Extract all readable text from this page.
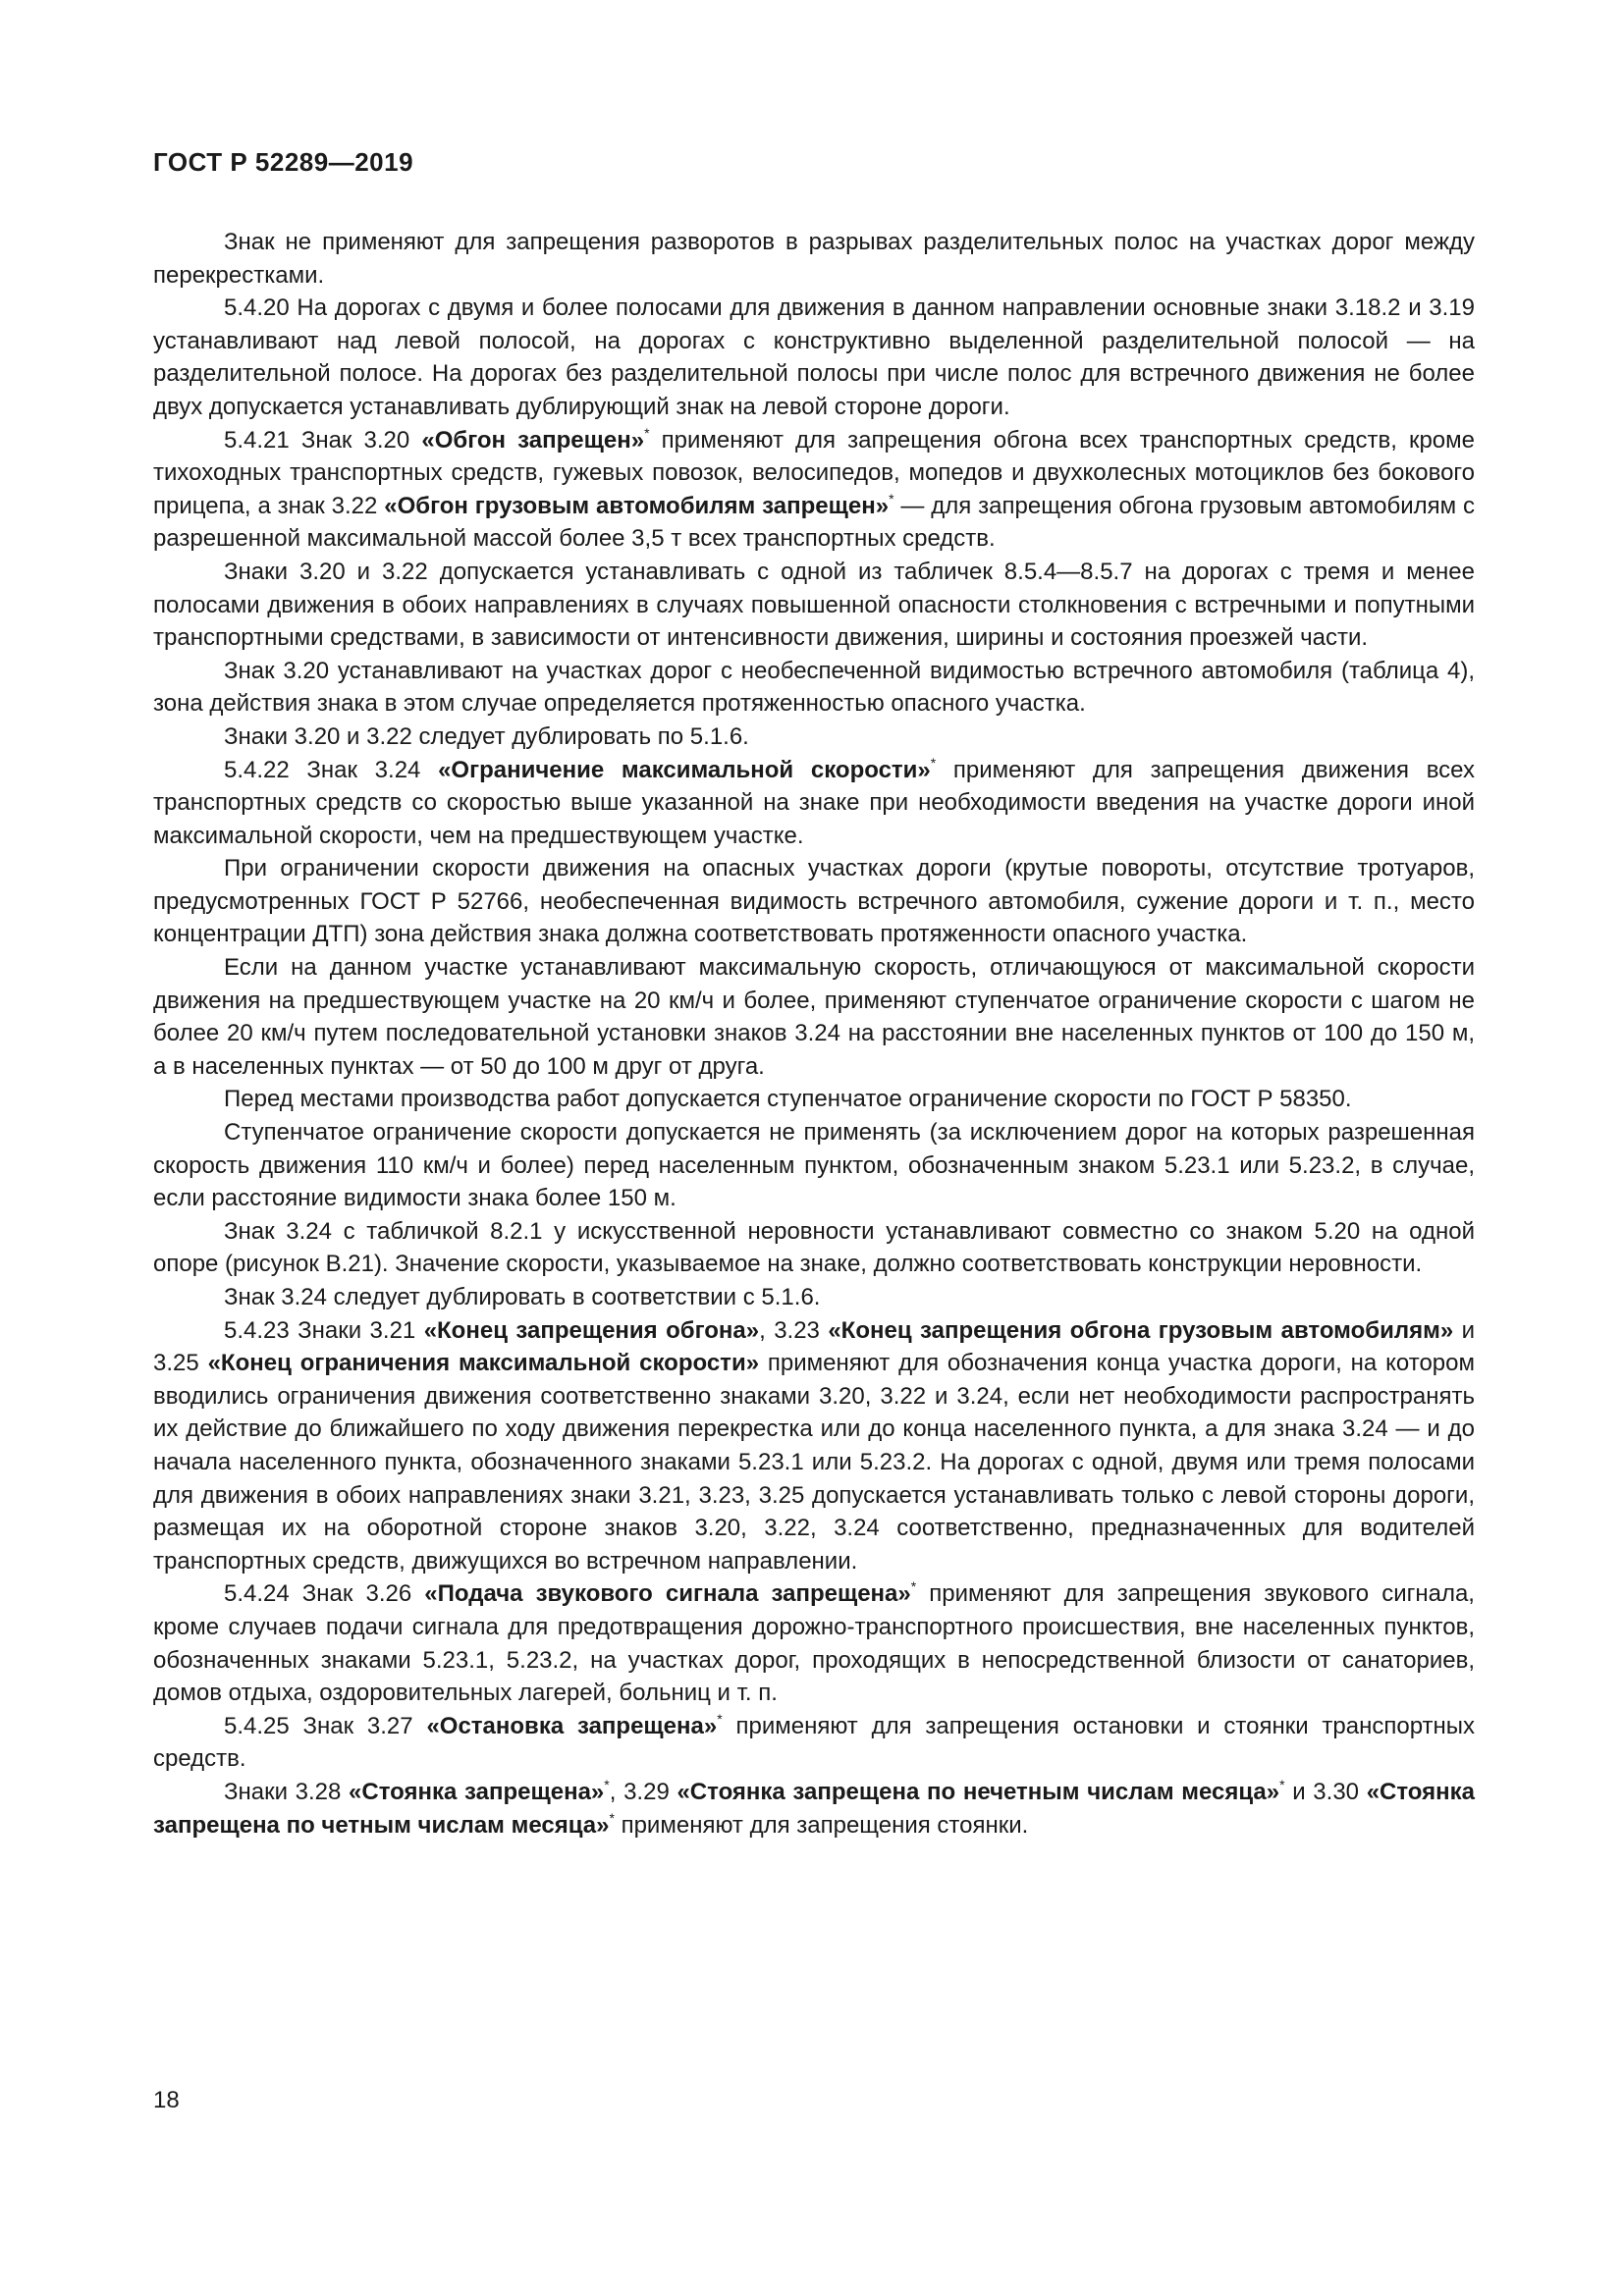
ГОСТ Р 52289—2019

Знак не применяют для запрещения разворотов в разрывах разделительных полос на участках дорог между перекрестками.

5.4.20 На дорогах с двумя и более полосами для движения в данном направлении основные знаки 3.18.2 и 3.19 устанавливают над левой полосой, на дорогах с конструктивно выделенной разделительной полосой — на разделительной полосе. На дорогах без разделительной полосы при числе полос для встречного движения не более двух допускается устанавливать дублирующий знак на левой стороне дороги.

5.4.21 Знак 3.20 «Обгон запрещен»* применяют для запрещения обгона всех транспортных средств, кроме тихоходных транспортных средств, гужевых повозок, велосипедов, мопедов и двухколесных мотоциклов без бокового прицепа, а знак 3.22 «Обгон грузовым автомобилям запрещен»* — для запрещения обгона грузовым автомобилям с разрешенной максимальной массой более 3,5 т всех транспортных средств.

Знаки 3.20 и 3.22 допускается устанавливать с одной из табличек 8.5.4—8.5.7 на дорогах с тремя и менее полосами движения в обоих направлениях в случаях повышенной опасности столкновения с встречными и попутными транспортными средствами, в зависимости от интенсивности движения, ширины и состояния проезжей части.

Знак 3.20 устанавливают на участках дорог с необеспеченной видимостью встречного автомобиля (таблица 4), зона действия знака в этом случае определяется протяженностью опасного участка.

Знаки 3.20 и 3.22 следует дублировать по 5.1.6.

5.4.22 Знак 3.24 «Ограничение максимальной скорости»* применяют для запрещения движения всех транспортных средств со скоростью выше указанной на знаке при необходимости введения на участке дороги иной максимальной скорости, чем на предшествующем участке.

При ограничении скорости движения на опасных участках дороги (крутые повороты, отсутствие тротуаров, предусмотренных ГОСТ Р 52766, необеспеченная видимость встречного автомобиля, сужение дороги и т. п., место концентрации ДТП) зона действия знака должна соответствовать протяженности опасного участка.

Если на данном участке устанавливают максимальную скорость, отличающуюся от максимальной скорости движения на предшествующем участке на 20 км/ч и более, применяют ступенчатое ограничение скорости с шагом не более 20 км/ч путем последовательной установки знаков 3.24 на расстоянии вне населенных пунктов от 100 до 150 м, а в населенных пунктах — от 50 до 100 м друг от друга.

Перед местами производства работ допускается ступенчатое ограничение скорости по ГОСТ Р 58350.

Ступенчатое ограничение скорости допускается не применять (за исключением дорог на которых разрешенная скорость движения 110 км/ч и более) перед населенным пунктом, обозначенным знаком 5.23.1 или 5.23.2, в случае, если расстояние видимости знака более 150 м.

Знак 3.24 с табличкой 8.2.1 у искусственной неровности устанавливают совместно со знаком 5.20 на одной опоре (рисунок В.21). Значение скорости, указываемое на знаке, должно соответствовать конструкции неровности.

Знак 3.24 следует дублировать в соответствии с 5.1.6.

5.4.23 Знаки 3.21 «Конец запрещения обгона», 3.23 «Конец запрещения обгона грузовым автомобилям» и 3.25 «Конец ограничения максимальной скорости» применяют для обозначения конца участка дороги, на котором вводились ограничения движения соответственно знаками 3.20, 3.22 и 3.24, если нет необходимости распространять их действие до ближайшего по ходу движения перекрестка или до конца населенного пункта, а для знака 3.24 — и до начала населенного пункта, обозначенного знаками 5.23.1 или 5.23.2. На дорогах с одной, двумя или тремя полосами для движения в обоих направлениях знаки 3.21, 3.23, 3.25 допускается устанавливать только с левой стороны дороги, размещая их на оборотной стороне знаков 3.20, 3.22, 3.24 соответственно, предназначенных для водителей транспортных средств, движущихся во встречном направлении.

5.4.24 Знак 3.26 «Подача звукового сигнала запрещена»* применяют для запрещения звукового сигнала, кроме случаев подачи сигнала для предотвращения дорожно-транспортного происшествия, вне населенных пунктов, обозначенных знаками 5.23.1, 5.23.2, на участках дорог, проходящих в непосредственной близости от санаториев, домов отдыха, оздоровительных лагерей, больниц и т. п.

5.4.25 Знак 3.27 «Остановка запрещена»* применяют для запрещения остановки и стоянки транспортных средств.

Знаки 3.28 «Стоянка запрещена»*, 3.29 «Стоянка запрещена по нечетным числам месяца»* и 3.30 «Стоянка запрещена по четным числам месяца»* применяют для запрещения стоянки.

18
